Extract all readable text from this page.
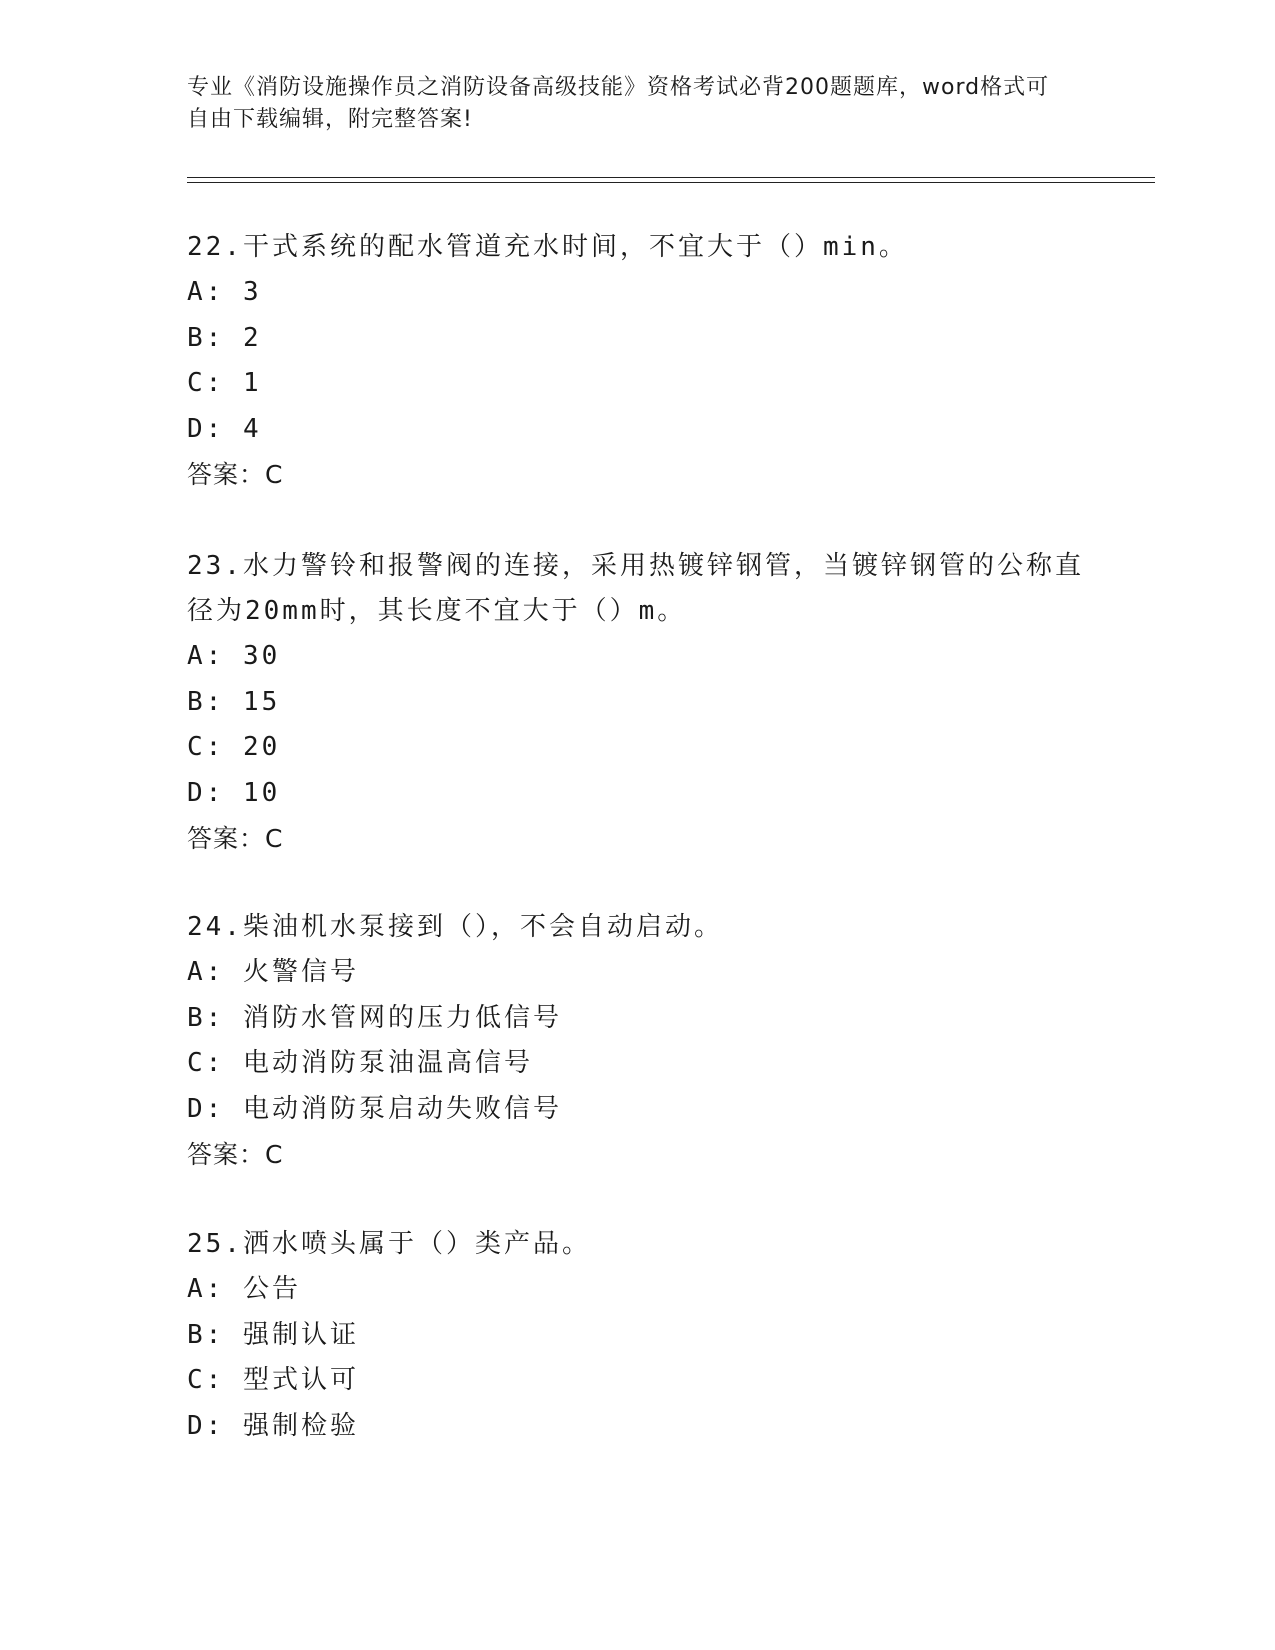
专业《消防设施操作员之消防设备高级技能》资格考试必背200题题库，word格式可自由下载编辑，附完整答案!

22.干式系统的配水管道充水时间，不宜大于（）min。

A: 3
B: 2
C: 1
D: 4
答案：C

23.水力警铃和报警阀的连接，采用热镀锌钢管，当镀锌钢管的公称直径为20mm时，其长度不宜大于（）m。

A: 30
B: 15
C: 20
D: 10
答案：C

24.柴油机水泵接到（），不会自动启动。

A: 火警信号
B: 消防水管网的压力低信号
C: 电动消防泵油温高信号
D: 电动消防泵启动失败信号
答案：C

25.洒水喷头属于（）类产品。

A: 公告
B: 强制认证
C: 型式认可
D: 强制检验
